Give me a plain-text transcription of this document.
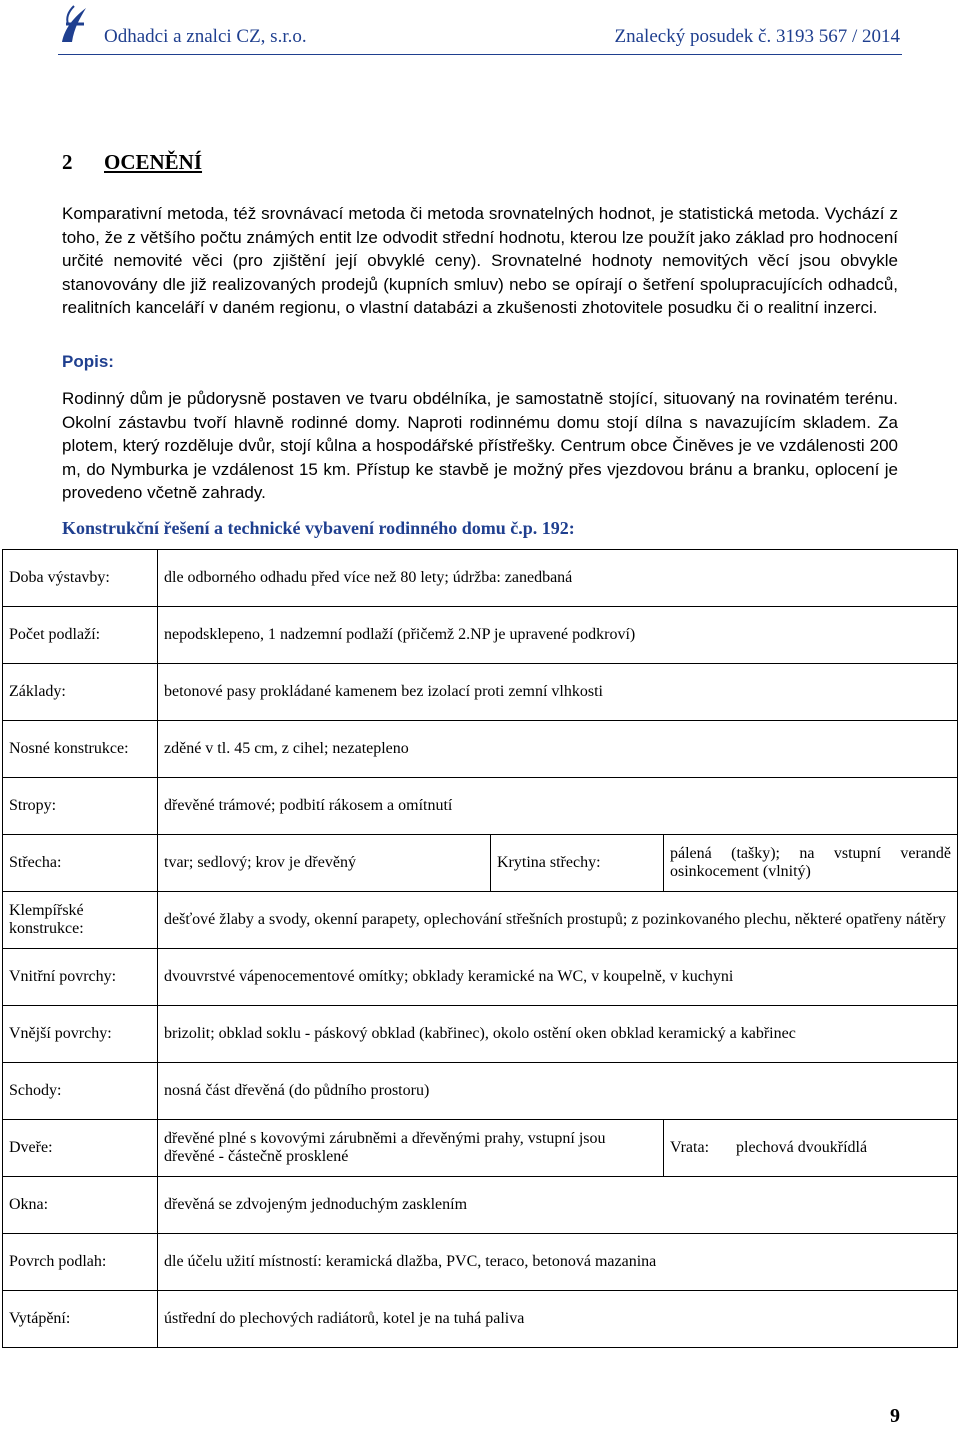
Odhadci a znalci CZ, s.r.o.	Znalecký posudek č. 3193 567 / 2014
2 OCENĚNÍ
Komparativní metoda, též srovnávací metoda či metoda srovnatelných hodnot, je statistická metoda. Vychází z toho, že z většího počtu známých entit lze odvodit střední hodnotu, kterou lze použít jako základ pro hodnocení určité nemovité věci (pro zjištění její obvyklé ceny). Srovnatelné hodnoty nemovitých věcí jsou obvykle stanovovány dle již realizovaných prodejů (kupních smluv) nebo se opírají o šetření spolupracujících odhadců, realitních kanceláří v daném regionu, o vlastní databázi a zkušenosti zhotovitele posudku či o realitní inzerci.
Popis:
Rodinný dům je půdorysně postaven ve tvaru obdélníka, je samostatně stojící, situovaný na rovinatém terénu. Okolní zástavbu tvoří hlavně rodinné domy. Naproti rodinnému domu stojí dílna s navazujícím skladem. Za plotem, který rozděluje dvůr, stojí kůlna a hospodářské přístřešky. Centrum obce Činěves je ve vzdálenosti 200 m, do Nymburka je vzdálenost 15 km. Přístup ke stavbě je možný přes vjezdovou bránu a branku, oplocení je provedeno včetně zahrady.
Konstrukční řešení a technické vybavení rodinného domu č.p. 192:
Doba výstavby:	dle odborného odhadu před více než 80 lety; údržba: zanedbaná		
Počet podlaží:	nepodsklepeno, 1 nadzemní podlaží (přičemž 2.NP je upravené podkroví)		
Základy:	betonové pasy prokládané kamenem bez izolací proti zemní vlhkosti		
Nosné konstrukce:	zděné v tl. 45 cm, z cihel; nezatepleno		
Stropy:	dřevěné trámové; podbití rákosem a omítnutí		
Střecha:	tvar; sedlový; krov je dřevěný	Krytina střechy:	pálená (tašky); na vstupní verandě osinkocement (vlnitý)
Klempířské konstrukce:	dešťové žlaby a svody, okenní parapety, oplechování střešních prostupů; z pozinkovaného plechu, některé opatřeny nátěry		
Vnitřní povrchy:	dvouvrstvé vápenocementové omítky; obklady keramické na WC, v koupelně, v kuchyni		
Vnější povrchy:	brizolit; obklad soklu - páskový obklad (kabřinec), okolo ostění oken obklad keramický a kabřinec		
Schody:	nosná část dřevěná (do půdního prostoru)		
Dveře:	dřevěné plné s kovovými zárubněmi a dřevěnými prahy, vstupní jsou dřevěné - částečně prosklené		Vrata: plechová dvoukřídlá
Okna:	dřevěná se zdvojeným jednoduchým zasklením		
Povrch podlah:	dle účelu užití místností: keramická dlažba, PVC, teraco, betonová mazanina		
Vytápění:	ústřední do plechových radiátorů, kotel je na tuhá paliva		
9
